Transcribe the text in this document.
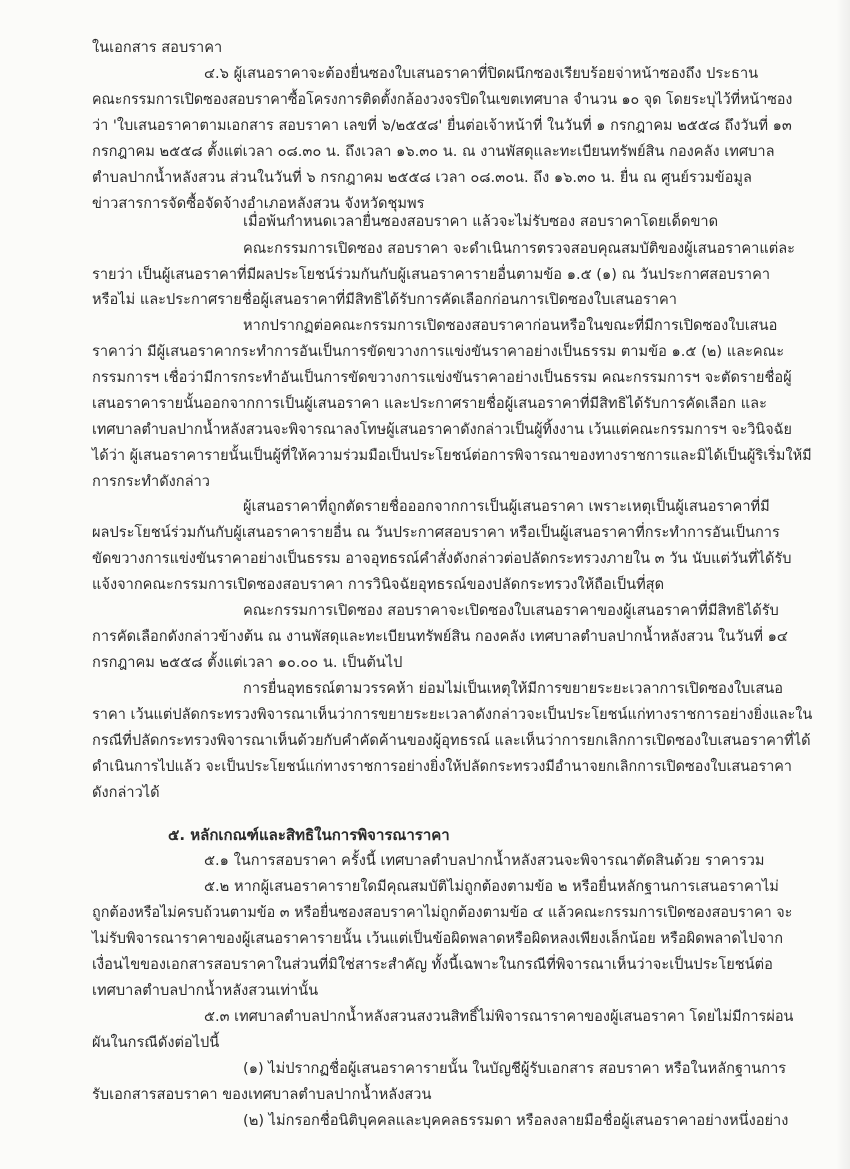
ในเอกสาร สอบราคา
๔.๖ ผู้เสนอราคาจะต้องยื่นซองใบเสนอราคาที่ปิดผนึกซองเรียบร้อยจ่าหน้าซองถึง ประธาน
คณะกรรมการเปิดซองสอบราคาซื้อโครงการติดตั้งกล้องวงจรปิดในเขตเทศบาล จำนวน ๑๐ จุด โดยระบุไว้ที่หน้าซอง
ว่า 'ใบเสนอราคาตามเอกสาร สอบราคา เลขที่ ๖/๒๕๕๘' ยื่นต่อเจ้าหน้าที่ ในวันที่ ๑ กรกฎาคม ๒๕๕๘ ถึงวันที่ ๑๓
กรกฎาคม ๒๕๕๘ ตั้งแต่เวลา ๐๘.๓๐ น. ถึงเวลา ๑๖.๓๐ น. ณ งานพัสดุและทะเบียนทรัพย์สิน กองคลัง เทศบาล
ตำบลปากน้ำหลังสวน ส่วนในวันที่ ๖ กรกฎาคม ๒๕๕๘ เวลา ๐๘.๓๐น. ถึง ๑๖.๓๐ น. ยื่น ณ ศูนย์รวมข้อมูล
ข่าวสารการจัดซื้อจัดจ้างอำเภอหลังสวน จังหวัดชุมพร
เมื่อพ้นกำหนดเวลายื่นซองสอบราคา แล้วจะไม่รับซอง สอบราคาโดยเด็ดขาด
คณะกรรมการเปิดซอง สอบราคา จะดำเนินการตรวจสอบคุณสมบัติของผู้เสนอราคาแต่ละ
รายว่า เป็นผู้เสนอราคาที่มีผลประโยชน์ร่วมกันกับผู้เสนอราคารายอื่นตามข้อ ๑.๕ (๑) ณ วันประกาศสอบราคา
หรือไม่ และประกาศรายชื่อผู้เสนอราคาที่มีสิทธิได้รับการคัดเลือกก่อนการเปิดซองใบเสนอราคา
หากปรากฏต่อคณะกรรมการเปิดซองสอบราคาก่อนหรือในขณะที่มีการเปิดซองใบเสนอ
ราคาว่า มีผู้เสนอราคากระทำการอันเป็นการขัดขวางการแข่งขันราคาอย่างเป็นธรรม ตามข้อ ๑.๕ (๒) และคณะ
กรรมการฯ เชื่อว่ามีการกระทำอันเป็นการขัดขวางการแข่งขันราคาอย่างเป็นธรรม คณะกรรมการฯ จะตัดรายชื่อผู้
เสนอราคารายนั้นออกจากการเป็นผู้เสนอราคา และประกาศรายชื่อผู้เสนอราคาที่มีสิทธิได้รับการคัดเลือก และ
เทศบาลตำบลปากน้ำหลังสวนจะพิจารณาลงโทษผู้เสนอราคาดังกล่าวเป็นผู้ทิ้งงาน เว้นแต่คณะกรรมการฯ จะวินิจฉัย
ได้ว่า ผู้เสนอราคารายนั้นเป็นผู้ที่ให้ความร่วมมือเป็นประโยชน์ต่อการพิจารณาของทางราชการและมิได้เป็นผู้ริเริ่มให้มี
การกระทำดังกล่าว
ผู้เสนอราคาที่ถูกตัดรายชื่อออกจากการเป็นผู้เสนอราคา เพราะเหตุเป็นผู้เสนอราคาที่มี
ผลประโยชน์ร่วมกันกับผู้เสนอราคารายอื่น ณ วันประกาศสอบราคา หรือเป็นผู้เสนอราคาที่กระทำการอันเป็นการ
ขัดขวางการแข่งขันราคาอย่างเป็นธรรม อาจอุทธรณ์คำสั่งดังกล่าวต่อปลัดกระทรวงภายใน ๓ วัน นับแต่วันที่ได้รับ
แจ้งจากคณะกรรมการเปิดซองสอบราคา การวินิจฉัยอุทธรณ์ของปลัดกระทรวงให้ถือเป็นที่สุด
คณะกรรมการเปิดซอง สอบราคาจะเปิดซองใบเสนอราคาของผู้เสนอราคาที่มีสิทธิได้รับ
การคัดเลือกดังกล่าวข้างต้น ณ งานพัสดุและทะเบียนทรัพย์สิน กองคลัง เทศบาลตำบลปากน้ำหลังสวน ในวันที่ ๑๔
กรกฎาคม ๒๕๕๘ ตั้งแต่เวลา ๑๐.๐๐ น. เป็นต้นไป
การยื่นอุทธรณ์ตามวรรคห้า ย่อมไม่เป็นเหตุให้มีการขยายระยะเวลาการเปิดซองใบเสนอ
ราคา เว้นแต่ปลัดกระทรวงพิจารณาเห็นว่าการขยายระยะเวลาดังกล่าวจะเป็นประโยชน์แก่ทางราชการอย่างยิ่งและใน
กรณีที่ปลัดกระทรวงพิจารณาเห็นด้วยกับคำคัดค้านของผู้อุทธรณ์ และเห็นว่าการยกเลิกการเปิดซองใบเสนอราคาที่ได้
ดำเนินการไปแล้ว จะเป็นประโยชน์แก่ทางราชการอย่างยิ่งให้ปลัดกระทรวงมีอำนาจยกเลิกการเปิดซองใบเสนอราคา
ดังกล่าวได้
๕. หลักเกณฑ์และสิทธิในการพิจารณาราคา
๕.๑ ในการสอบราคา ครั้งนี้ เทศบาลตำบลปากน้ำหลังสวนจะพิจารณาตัดสินด้วย ราคารวม
๕.๒ หากผู้เสนอราคารายใดมีคุณสมบัติไม่ถูกต้องตามข้อ ๒ หรือยื่นหลักฐานการเสนอราคาไม่
ถูกต้องหรือไม่ครบถ้วนตามข้อ ๓ หรือยื่นซองสอบราคาไม่ถูกต้องตามข้อ ๔ แล้วคณะกรรมการเปิดซองสอบราคา จะ
ไม่รับพิจารณาราคาของผู้เสนอราคารายนั้น เว้นแต่เป็นข้อผิดพลาดหรือผิดหลงเพียงเล็กน้อย หรือผิดพลาดไปจาก
เงื่อนไขของเอกสารสอบราคาในส่วนที่มิใช่สาระสำคัญ ทั้งนี้เฉพาะในกรณีที่พิจารณาเห็นว่าจะเป็นประโยชน์ต่อ
เทศบาลตำบลปากน้ำหลังสวนเท่านั้น
๕.๓ เทศบาลตำบลปากน้ำหลังสวนสงวนสิทธิ์ไม่พิจารณาราคาของผู้เสนอราคา โดยไม่มีการผ่อน
ผันในกรณีดังต่อไปนี้
(๑) ไม่ปรากฏชื่อผู้เสนอราคารายนั้น ในบัญชีผู้รับเอกสาร สอบราคา หรือในหลักฐานการ
รับเอกสารสอบราคา ของเทศบาลตำบลปากน้ำหลังสวน
(๒) ไม่กรอกชื่อนิติบุคคลและบุคคลธรรมดา หรือลงลายมือชื่อผู้เสนอราคาอย่างหนึ่งอย่าง
